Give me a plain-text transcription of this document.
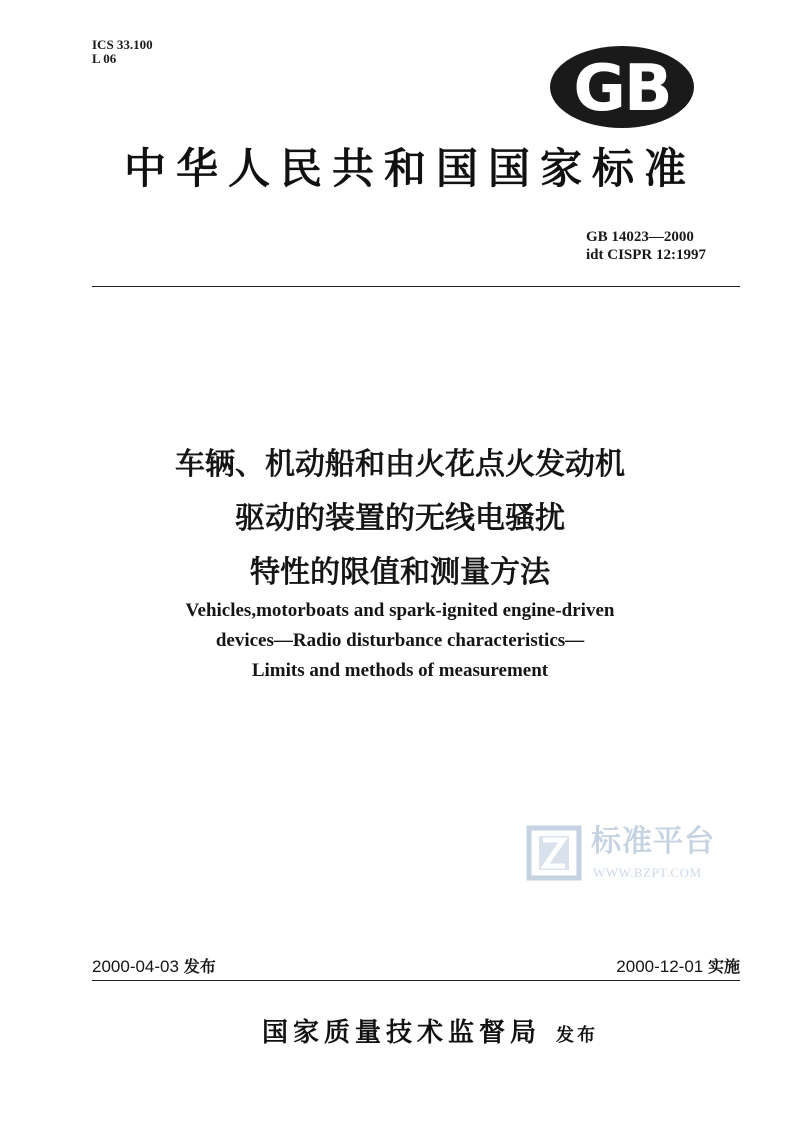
ICS 33.100
L 06	GB
中华人民共和国国家标准
GB 14023—2000
idt CISPR 12:1997
车辆、机动船和由火花点火发动机
驱动的装置的无线电骚扰
特性的限值和测量方法
Vehicles,motorboats and spark-ignited engine-driven
devices—Radio disturbance characteristics—
Limits and methods of measurement
标准平台
WWW.BZPT.COM
2000-04-03 发布	2000-12-01 实施
国家质量技术监督局 发布
